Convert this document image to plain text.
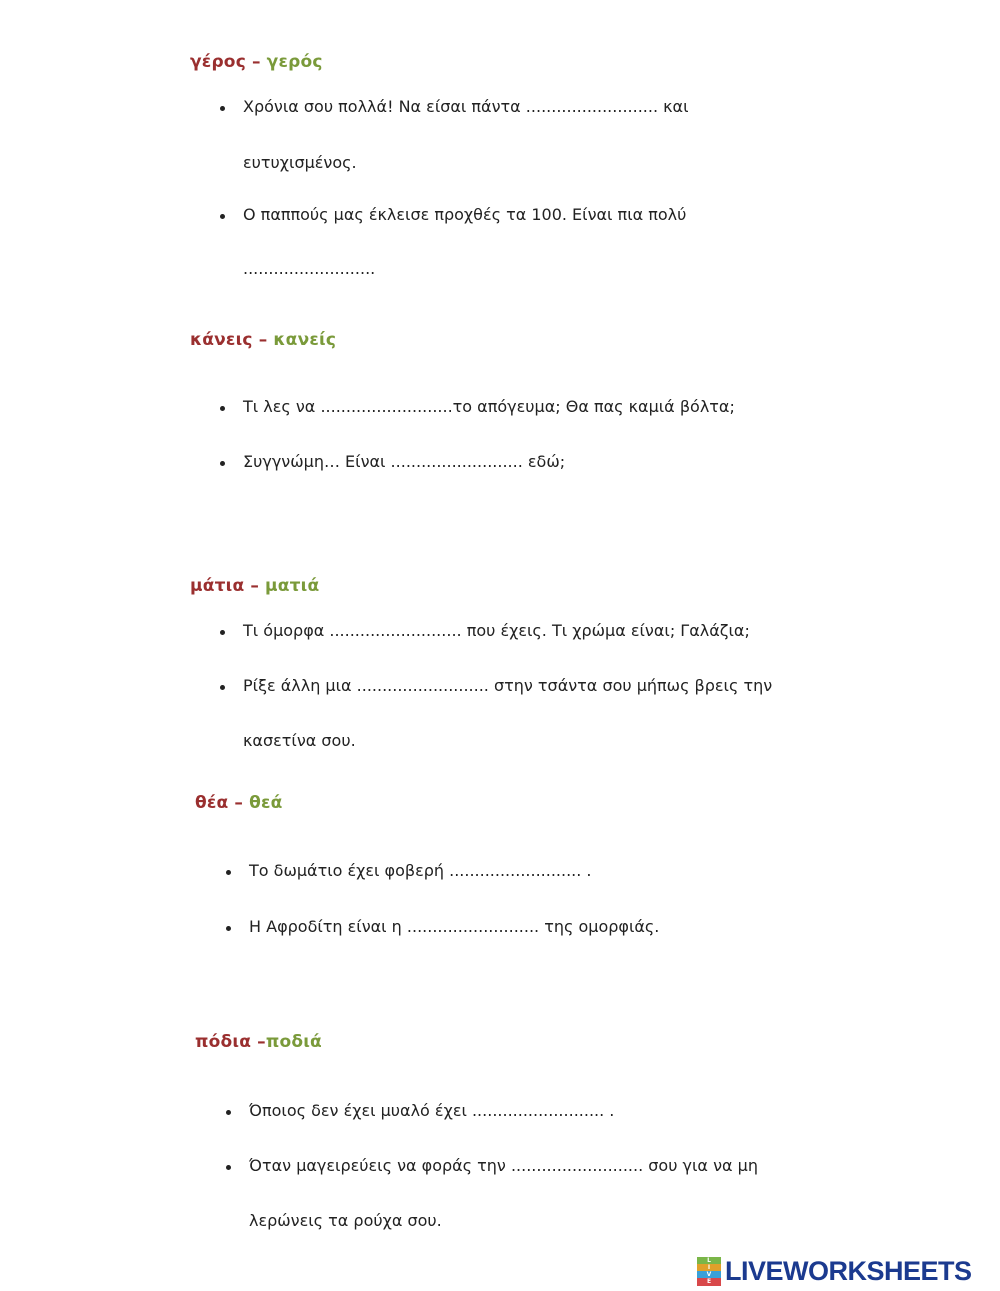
γέρος – γερός
Χρόνια σου πολλά! Να είσαι πάντα .......................... και
ευτυχισμένος.
Ο παππούς μας έκλεισε προχθές τα 100. Είναι πια πολύ
..........................
κάνεις – κανείς
Τι λες να ..........................το απόγευμα; Θα πας καμιά βόλτα;
Συγγνώμη… Είναι .......................... εδώ;
μάτια – ματιά
Τι όμορφα .......................... που έχεις. Τι χρώμα είναι; Γαλάζια;
Ρίξε άλλη μια .......................... στην τσάντα σου μήπως βρεις την
κασετίνα σου.
θέα – θεά
Το δωμάτιο έχει φοβερή .......................... .
Η Αφροδίτη είναι η .......................... της ομορφιάς.
πόδια –ποδιά
Όποιος δεν έχει μυαλό έχει .......................... .
Όταν μαγειρεύεις να φοράς την .......................... σου για να μη
λερώνεις τα ρούχα σου.
L
I
V
E LIVEWORKSHEETS
